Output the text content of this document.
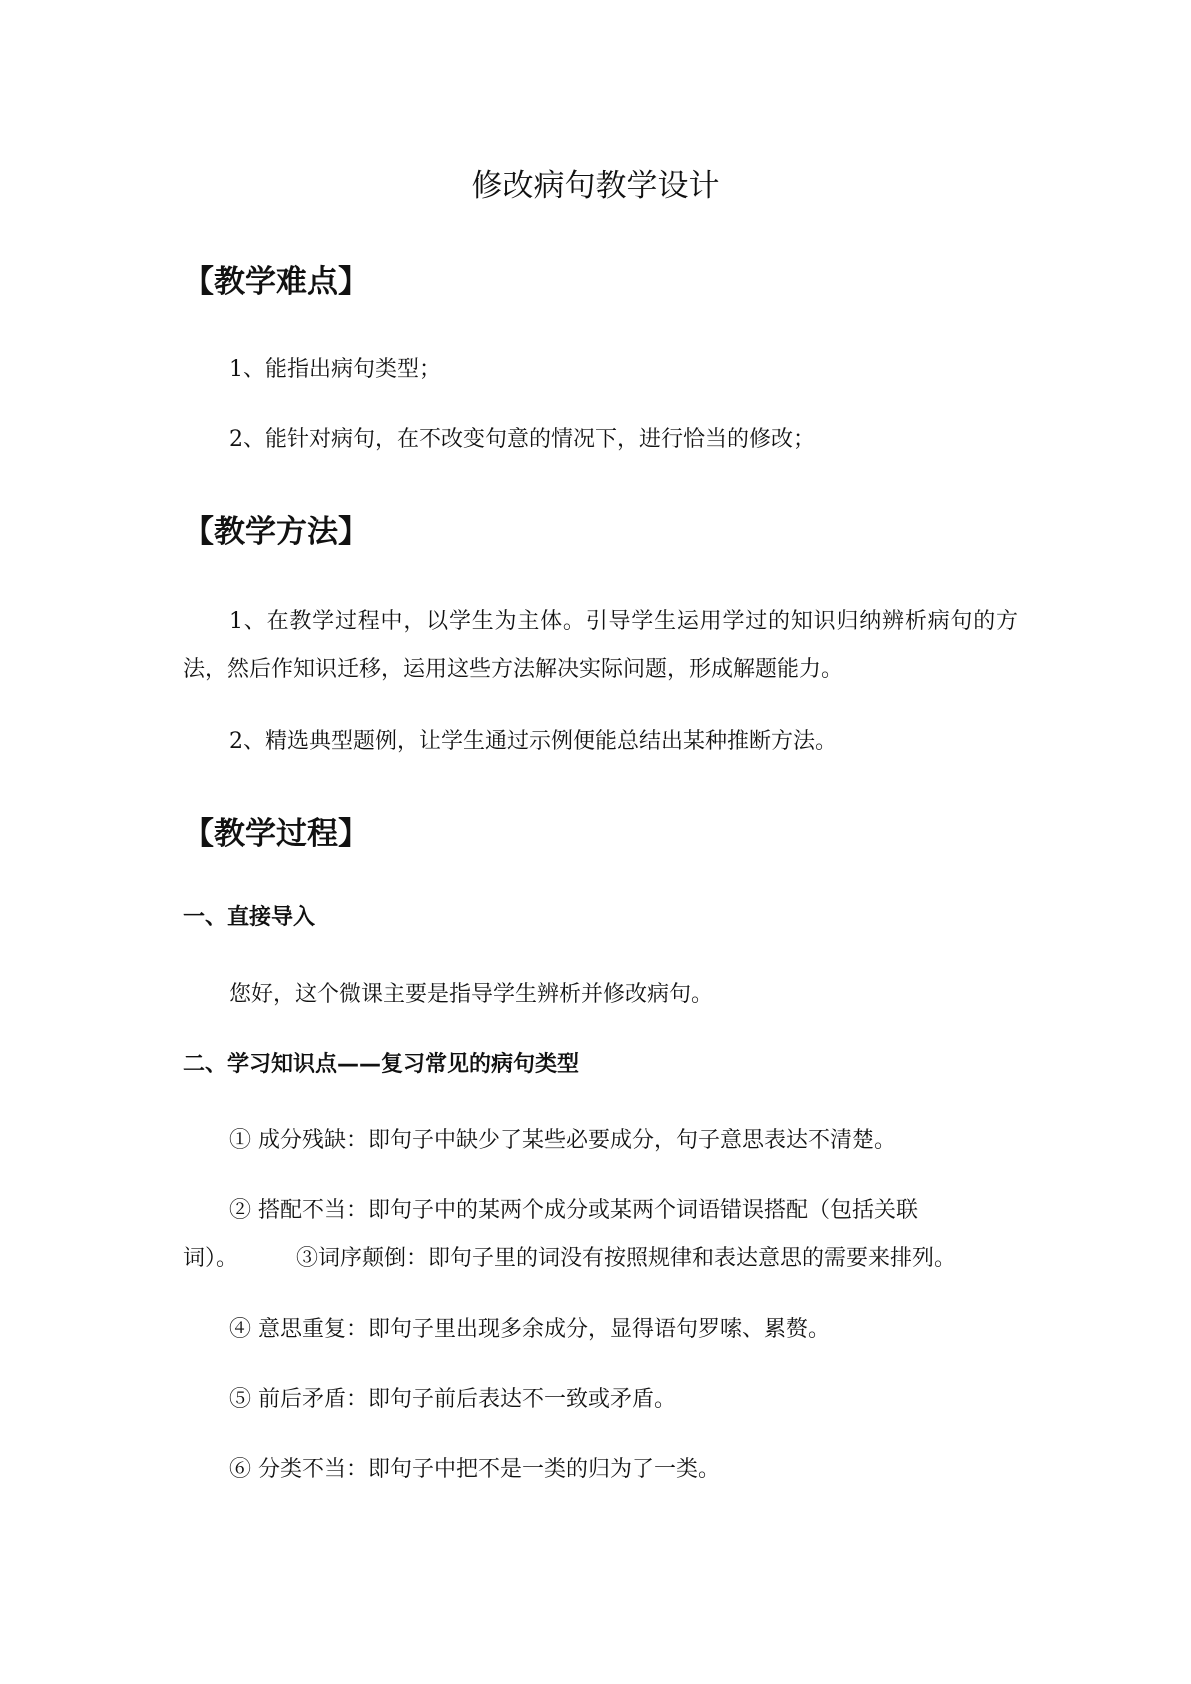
修改病句教学设计
【教学难点】

1、能指出病句类型；

2、能针对病句，在不改变句意的情况下，进行恰当的修改；

【教学方法】

1、在教学过程中，以学生为主体。引导学生运用学过的知识归纳辨析病句的方法，然后作知识迁移，运用这些方法解决实际问题，形成解题能力。

2、精选典型题例，让学生通过示例便能总结出某种推断方法。

【教学过程】
一、直接导入

您好，这个微课主要是指导学生辨析并修改病句。

二、学习知识点——复习常见的病句类型

① 成分残缺：即句子中缺少了某些必要成分，句子意思表达不清楚。

② 搭配不当：即句子中的某两个成分或某两个词语错误搭配（包括关联
词）。	③词序颠倒：即句子里的词没有按照规律和表达意思的需要来排列。

④ 意思重复：即句子里出现多余成分，显得语句罗嗦、累赘。

⑤ 前后矛盾：即句子前后表达不一致或矛盾。

⑥ 分类不当：即句子中把不是一类的归为了一类。
